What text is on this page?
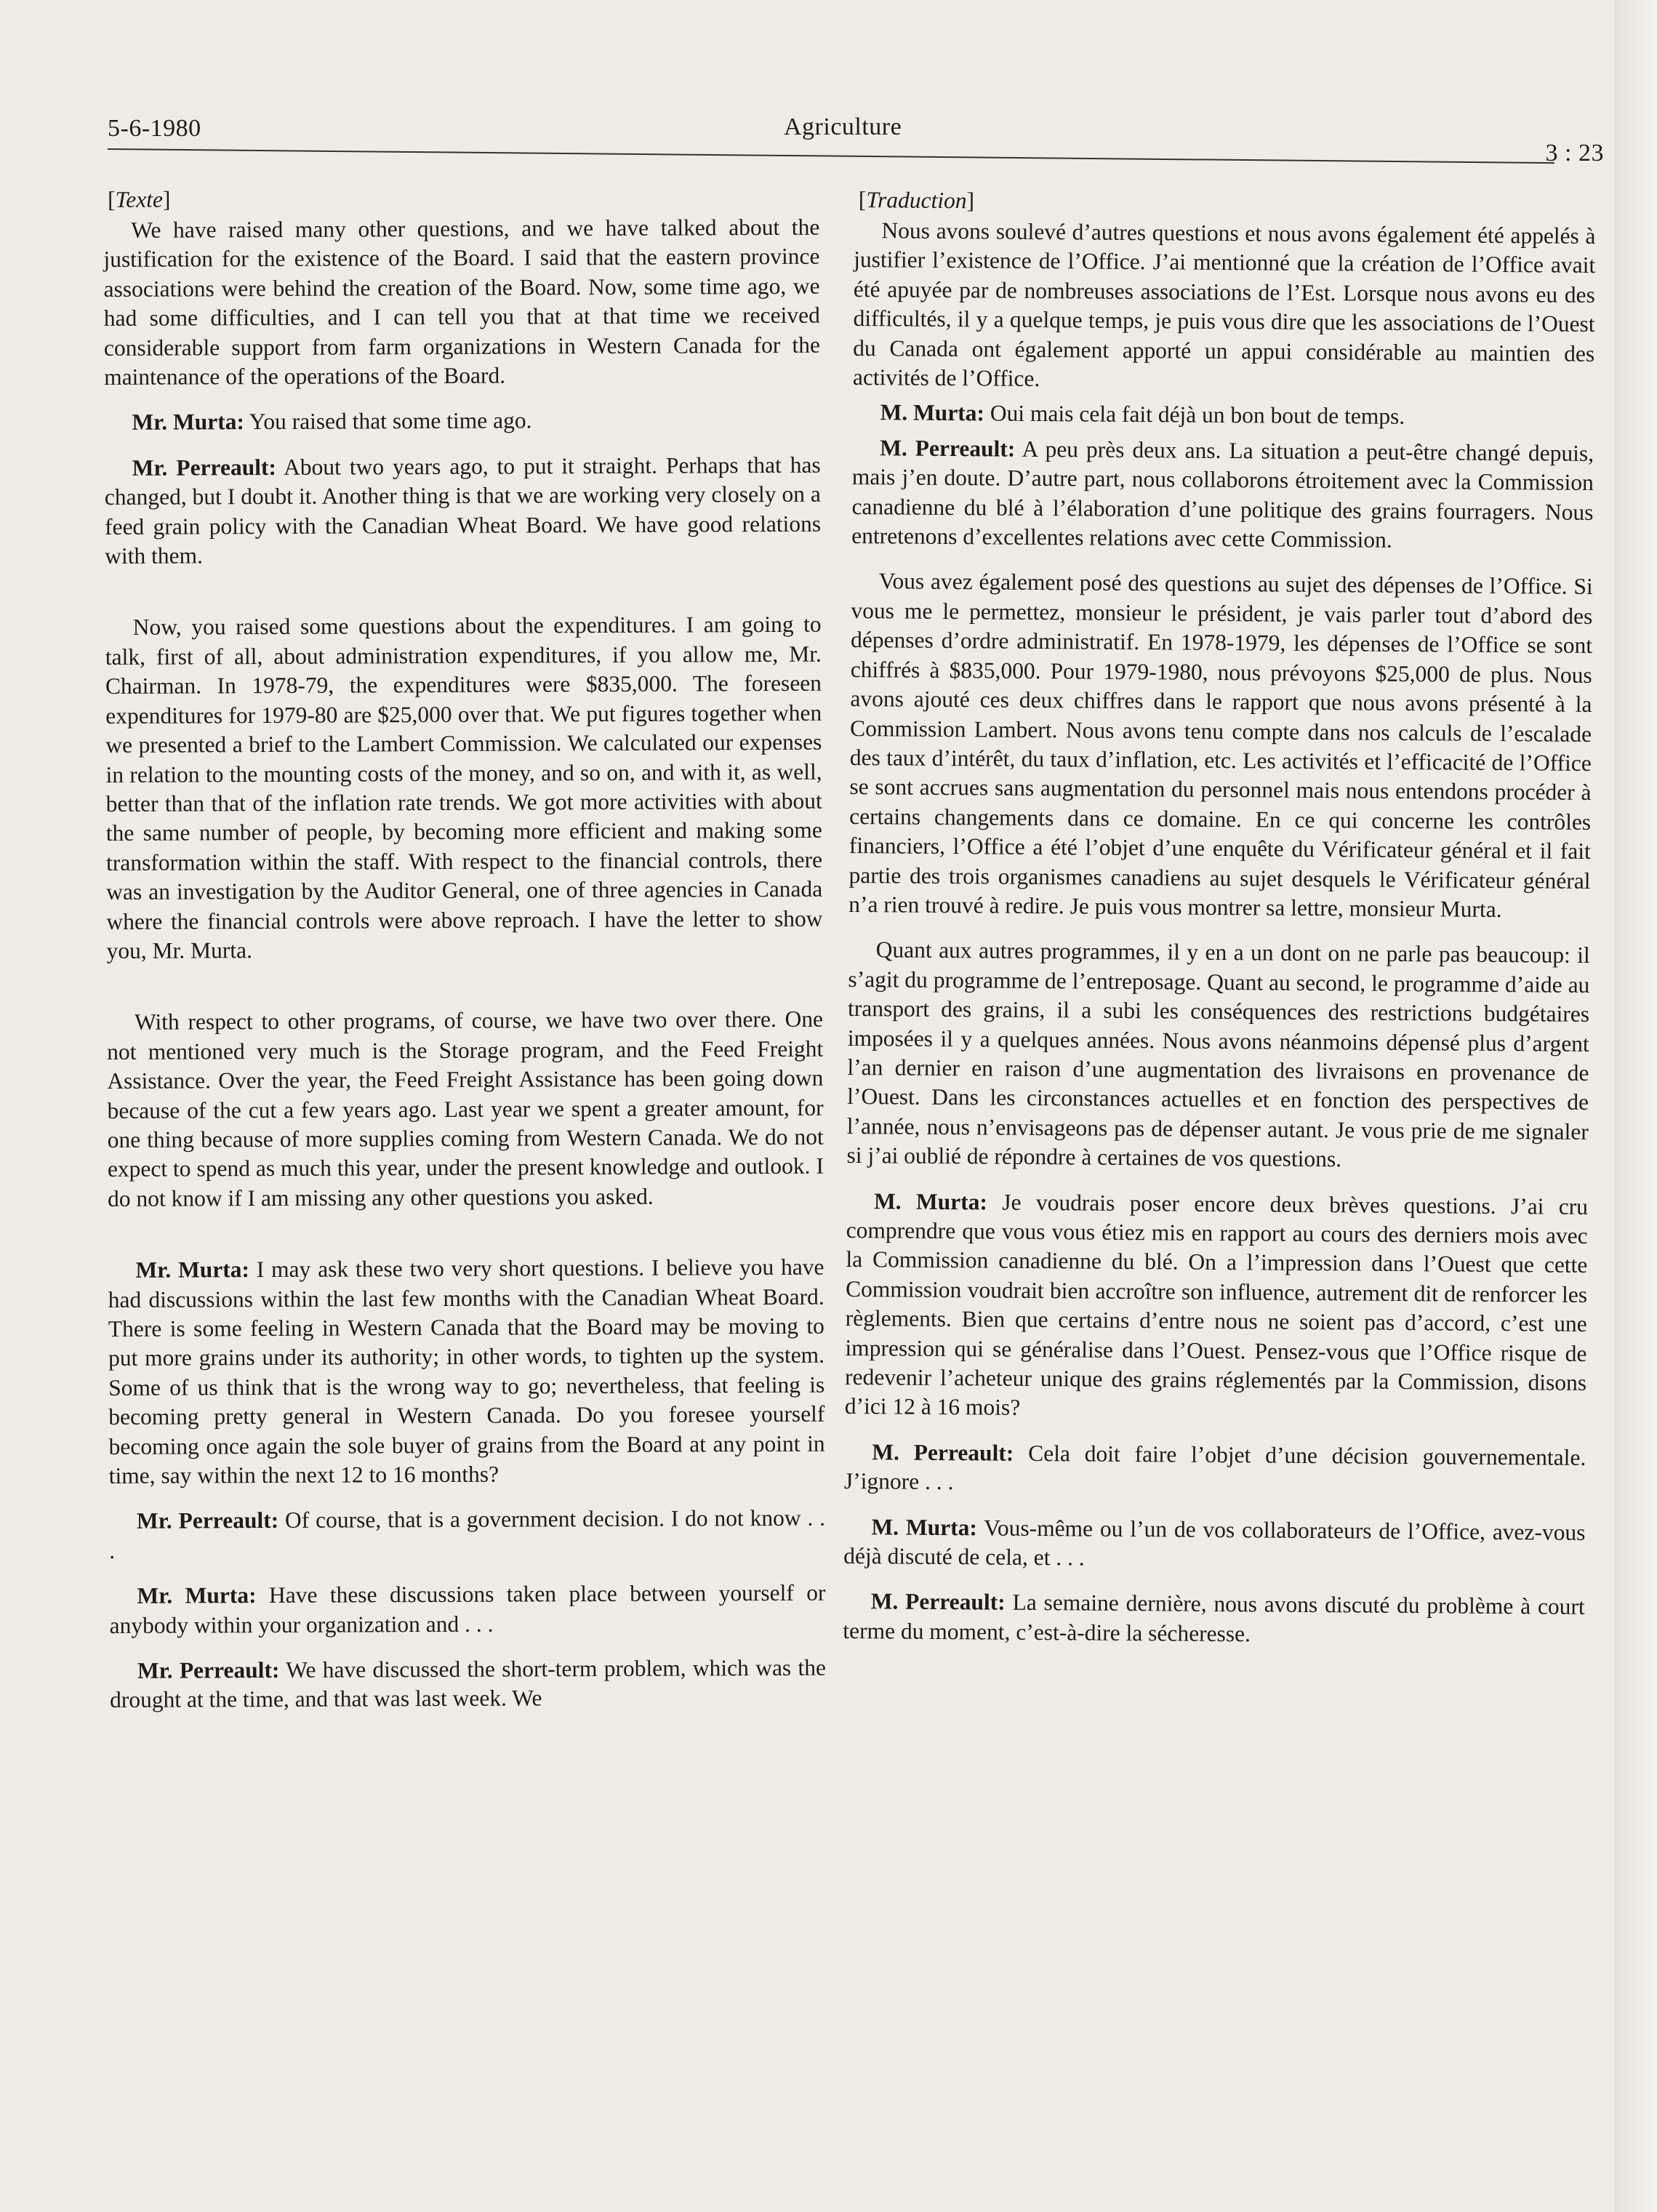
5-6-1980	Agriculture
3 : 23
[Texte]

We have raised many other questions, and we have talked about the justification for the existence of the Board. I said that the eastern province associations were behind the creation of the Board. Now, some time ago, we had some difficulties, and I can tell you that at that time we received considerable support from farm organizations in Western Canada for the maintenance of the operations of the Board.

Mr. Murta: You raised that some time ago.

Mr. Perreault: About two years ago, to put it straight. Perhaps that has changed, but I doubt it. Another thing is that we are working very closely on a feed grain policy with the Canadian Wheat Board. We have good relations with them.

Now, you raised some questions about the expenditures. I am going to talk, first of all, about administration expenditures, if you allow me, Mr. Chairman. In 1978-79, the expenditures were $835,000. The foreseen expenditures for 1979-80 are $25,000 over that. We put figures together when we presented a brief to the Lambert Commission. We calculated our expenses in relation to the mounting costs of the money, and so on, and with it, as well, better than that of the inflation rate trends. We got more activities with about the same number of people, by becoming more efficient and making some transformation within the staff. With respect to the financial controls, there was an investigation by the Auditor General, one of three agencies in Canada where the financial controls were above reproach. I have the letter to show you, Mr. Murta.

With respect to other programs, of course, we have two over there. One not mentioned very much is the Storage program, and the Feed Freight Assistance. Over the year, the Feed Freight Assistance has been going down because of the cut a few years ago. Last year we spent a greater amount, for one thing because of more supplies coming from Western Canada. We do not expect to spend as much this year, under the present knowledge and outlook. I do not know if I am missing any other questions you asked.

Mr. Murta: I may ask these two very short questions. I believe you have had discussions within the last few months with the Canadian Wheat Board. There is some feeling in Western Canada that the Board may be moving to put more grains under its authority; in other words, to tighten up the system. Some of us think that is the wrong way to go; nevertheless, that feeling is becoming pretty general in Western Canada. Do you foresee yourself becoming once again the sole buyer of grains from the Board at any point in time, say within the next 12 to 16 months?

Mr. Perreault: Of course, that is a government decision. I do not know . . .

Mr. Murta: Have these discussions taken place between yourself or anybody within your organization and . . .

Mr. Perreault: We have discussed the short-term problem, which was the drought at the time, and that was last week. We

[Traduction]

Nous avons soulevé d’autres questions et nous avons également été appelés à justifier l’existence de l’Office. J’ai mentionné que la création de l’Office avait été apuyée par de nombreuses associations de l’Est. Lorsque nous avons eu des difficultés, il y a quelque temps, je puis vous dire que les associations de l’Ouest du Canada ont également apporté un appui considérable au maintien des activités de l’Office.

M. Murta: Oui mais cela fait déjà un bon bout de temps.

M. Perreault: A peu près deux ans. La situation a peut-être changé depuis, mais j’en doute. D’autre part, nous collaborons étroitement avec la Commission canadienne du blé à l’élaboration d’une politique des grains fourragers. Nous entretenons d’excellentes relations avec cette Commission.

Vous avez également posé des questions au sujet des dépenses de l’Office. Si vous me le permettez, monsieur le président, je vais parler tout d’abord des dépenses d’ordre administratif. En 1978-1979, les dépenses de l’Office se sont chiffrés à $835,000. Pour 1979-1980, nous prévoyons $25,000 de plus. Nous avons ajouté ces deux chiffres dans le rapport que nous avons présenté à la Commission Lambert. Nous avons tenu compte dans nos calculs de l’escalade des taux d’intérêt, du taux d’inflation, etc. Les activités et l’efficacité de l’Office se sont accrues sans augmentation du personnel mais nous entendons procéder à certains changements dans ce domaine. En ce qui concerne les contrôles financiers, l’Office a été l’objet d’une enquête du Vérificateur général et il fait partie des trois organismes canadiens au sujet desquels le Vérificateur général n’a rien trouvé à redire. Je puis vous montrer sa lettre, monsieur Murta.

Quant aux autres programmes, il y en a un dont on ne parle pas beaucoup: il s’agit du programme de l’entreposage. Quant au second, le programme d’aide au transport des grains, il a subi les conséquences des restrictions budgétaires imposées il y a quelques années. Nous avons néanmoins dépensé plus d’argent l’an dernier en raison d’une augmentation des livraisons en provenance de l’Ouest. Dans les circonstances actuelles et en fonction des perspectives de l’année, nous n’envisageons pas de dépenser autant. Je vous prie de me signaler si j’ai oublié de répondre à certaines de vos questions.

M. Murta: Je voudrais poser encore deux brèves questions. J’ai cru comprendre que vous vous étiez mis en rapport au cours des derniers mois avec la Commission canadienne du blé. On a l’impression dans l’Ouest que cette Commission voudrait bien accroître son influence, autrement dit de renforcer les règlements. Bien que certains d’entre nous ne soient pas d’accord, c’est une impression qui se généralise dans l’Ouest. Pensez-vous que l’Office risque de redevenir l’acheteur unique des grains réglementés par la Commission, disons d’ici 12 à 16 mois?

M. Perreault: Cela doit faire l’objet d’une décision gouvernementale. J’ignore . . .

M. Murta: Vous-même ou l’un de vos collaborateurs de l’Office, avez-vous déjà discuté de cela, et . . .

M. Perreault: La semaine dernière, nous avons discuté du problème à court terme du moment, c’est-à-dire la sécheresse.
